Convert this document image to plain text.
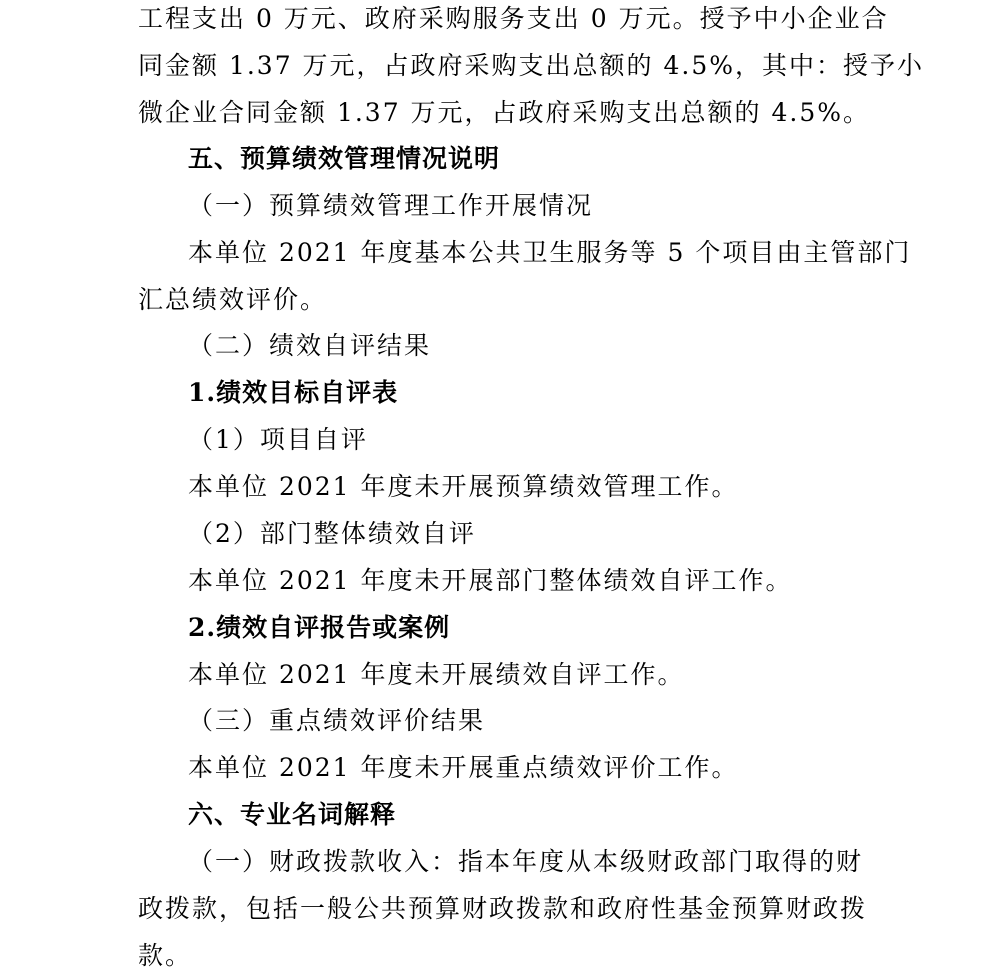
工程支出 0 万元、政府采购服务支出 0 万元。授予中小企业合
同金额 1.37 万元，占政府采购支出总额的 4.5%，其中：授予小
微企业合同金额 1.37 万元，占政府采购支出总额的 4.5%。
五、预算绩效管理情况说明
（一）预算绩效管理工作开展情况
本单位 2021 年度基本公共卫生服务等 5 个项目由主管部门
汇总绩效评价。
（二）绩效自评结果
1.绩效目标自评表
（1）项目自评
本单位 2021 年度未开展预算绩效管理工作。
（2）部门整体绩效自评
本单位 2021 年度未开展部门整体绩效自评工作。
2.绩效自评报告或案例
本单位 2021 年度未开展绩效自评工作。
（三）重点绩效评价结果
本单位 2021 年度未开展重点绩效评价工作。
六、专业名词解释
（一）财政拨款收入：指本年度从本级财政部门取得的财
政拨款，包括一般公共预算财政拨款和政府性基金预算财政拨
款。
